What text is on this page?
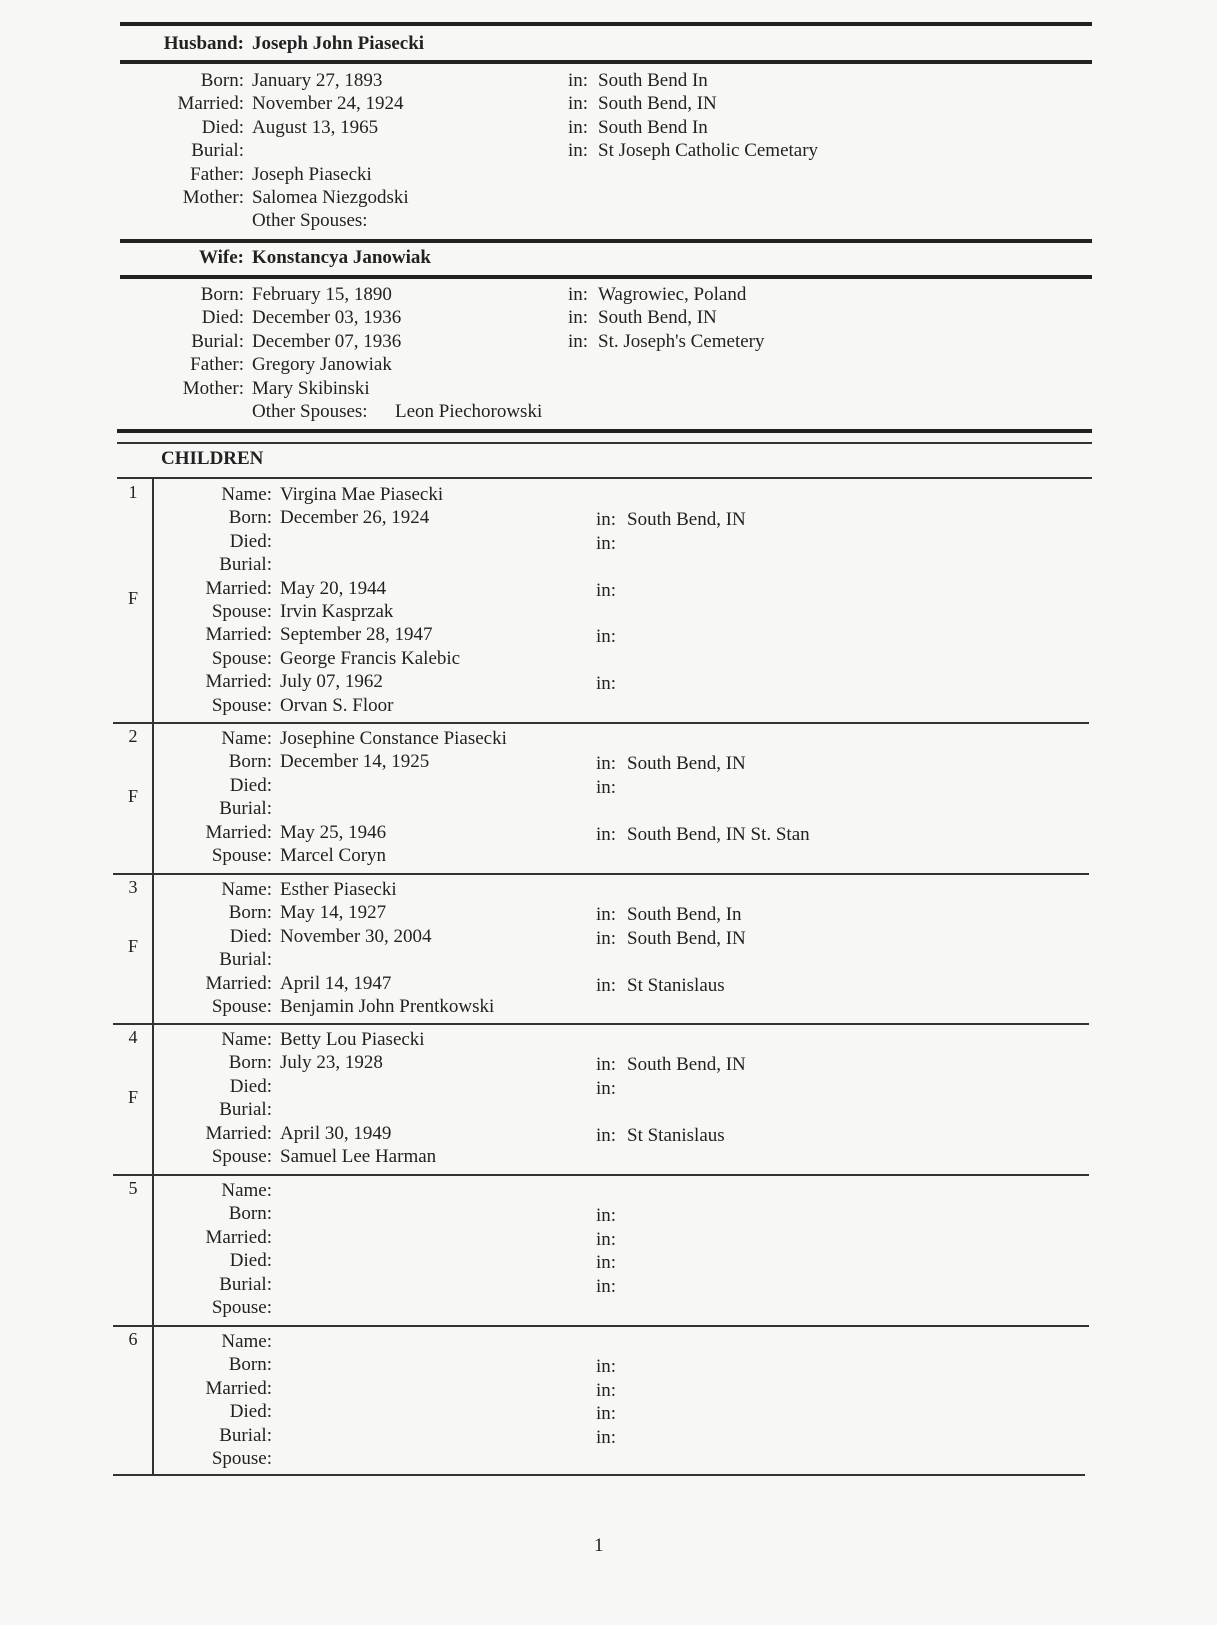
Husband: Joseph John Piasecki
Born: January 27, 1893	in: South Bend In
Married: November 24, 1924	in: South Bend, IN
Died: August 13, 1965	in: South Bend In
Burial:	in: St Joseph Catholic Cemetary
Father: Joseph Piasecki
Mother: Salomea Niezgodski
Other Spouses:
Wife: Konstancya Janowiak
Born: February 15, 1890	in: Wagrowiec, Poland
Died: December 03, 1936	in: South Bend, IN
Burial: December 07, 1936	in: St. Joseph's Cemetery
Father: Gregory Janowiak
Mother: Mary Skibinski
Other Spouses: Leon Piechorowski
CHILDREN
1
F
Name: Virgina Mae Piasecki
Born: December 26, 1924	in: South Bend, IN
Died:	in:
Burial:
Married: May 20, 1944	in:
Spouse: Irvin Kasprzak
Married: September 28, 1947	in:
Spouse: George Francis Kalebic
Married: July 07, 1962	in:
Spouse: Orvan S. Floor
2
F
Name: Josephine Constance Piasecki
Born: December 14, 1925	in: South Bend, IN
Died:	in:
Burial:
Married: May 25, 1946	in: South Bend, IN St. Stan
Spouse: Marcel Coryn
3
F
Name: Esther Piasecki
Born: May 14, 1927	in: South Bend, In
Died: November 30, 2004	in: South Bend, IN
Burial:
Married: April 14, 1947	in: St Stanislaus
Spouse: Benjamin John Prentkowski
4
F
Name: Betty Lou Piasecki
Born: July 23, 1928	in: South Bend, IN
Died:	in:
Burial:
Married: April 30, 1949	in: St Stanislaus
Spouse: Samuel Lee Harman
5	Name:
Born:	in:
Married:	in:
Died:	in:
Burial:	in:
Spouse:
6	Name:
Born:	in:
Married:	in:
Died:	in:
Burial:	in:
Spouse:
1
